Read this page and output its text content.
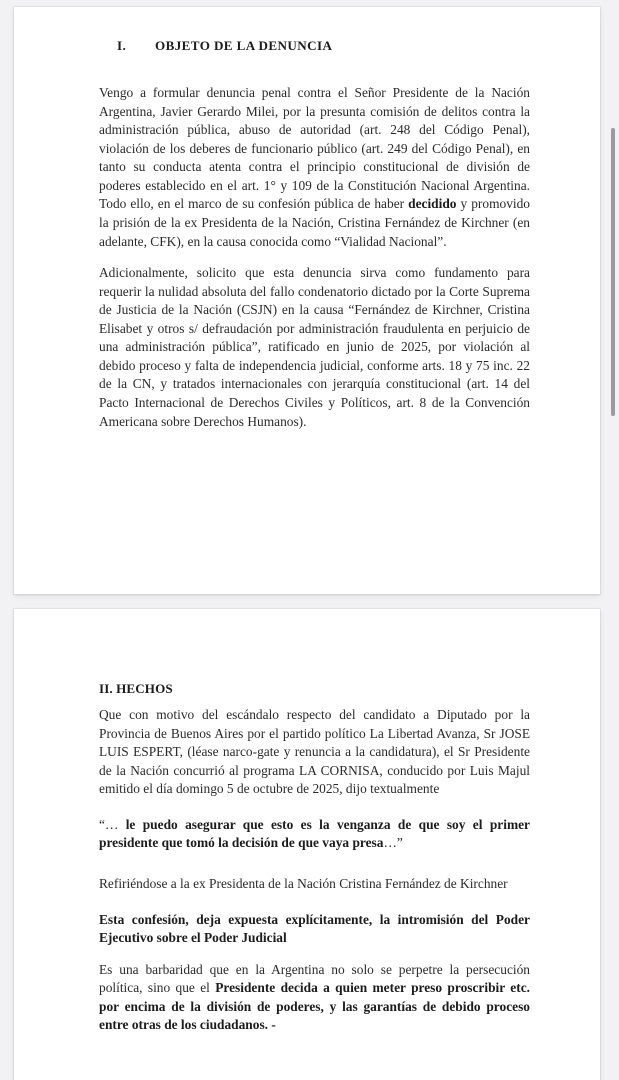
I. OBJETO DE LA DENUNCIA

Vengo a formular denuncia penal contra el Señor Presidente de la Nación Argentina, Javier Gerardo Milei, por la presunta comisión de delitos contra la administración pública, abuso de autoridad (art. 248 del Código Penal), violación de los deberes de funcionario público (art. 249 del Código Penal), en tanto su conducta atenta contra el principio constitucional de división de poderes establecido en el art. 1° y 109 de la Constitución Nacional Argentina. Todo ello, en el marco de su confesión pública de haber decidido y promovido la prisión de la ex Presidenta de la Nación, Cristina Fernández de Kirchner (en adelante, CFK), en la causa conocida como “Vialidad Nacional”.

Adicionalmente, solicito que esta denuncia sirva como fundamento para requerir la nulidad absoluta del fallo condenatorio dictado por la Corte Suprema de Justicia de la Nación (CSJN) en la causa “Fernández de Kirchner, Cristina Elisabet y otros s/ defraudación por administración fraudulenta en perjuicio de una administración pública”, ratificado en junio de 2025, por violación al debido proceso y falta de independencia judicial, conforme arts. 18 y 75 inc. 22 de la CN, y tratados internacionales con jerarquía constitucional (art. 14 del Pacto Internacional de Derechos Civiles y Políticos, art. 8 de la Convención Americana sobre Derechos Humanos).

II. HECHOS

Que con motivo del escándalo respecto del candidato a Diputado por la Provincia de Buenos Aires por el partido político La Libertad Avanza, Sr JOSE LUIS ESPERT, (léase narco-gate y renuncia a la candidatura), el Sr Presidente de la Nación concurrió al programa LA CORNISA, conducido por Luis Majul emitido el día domingo 5 de octubre de 2025, dijo textualmente

“… le puedo asegurar que esto es la venganza de que soy el primer presidente que tomó la decisión de que vaya presa…”

Refiriéndose a la ex Presidenta de la Nación Cristina Fernández de Kirchner

Esta confesión, deja expuesta explícitamente, la intromisión del Poder Ejecutivo sobre el Poder Judicial

Es una barbaridad que en la Argentina no solo se perpetre la persecución política, sino que el Presidente decida a quien meter preso proscribir etc. por encima de la división de poderes, y las garantías de debido proceso entre otras de los ciudadanos. -
